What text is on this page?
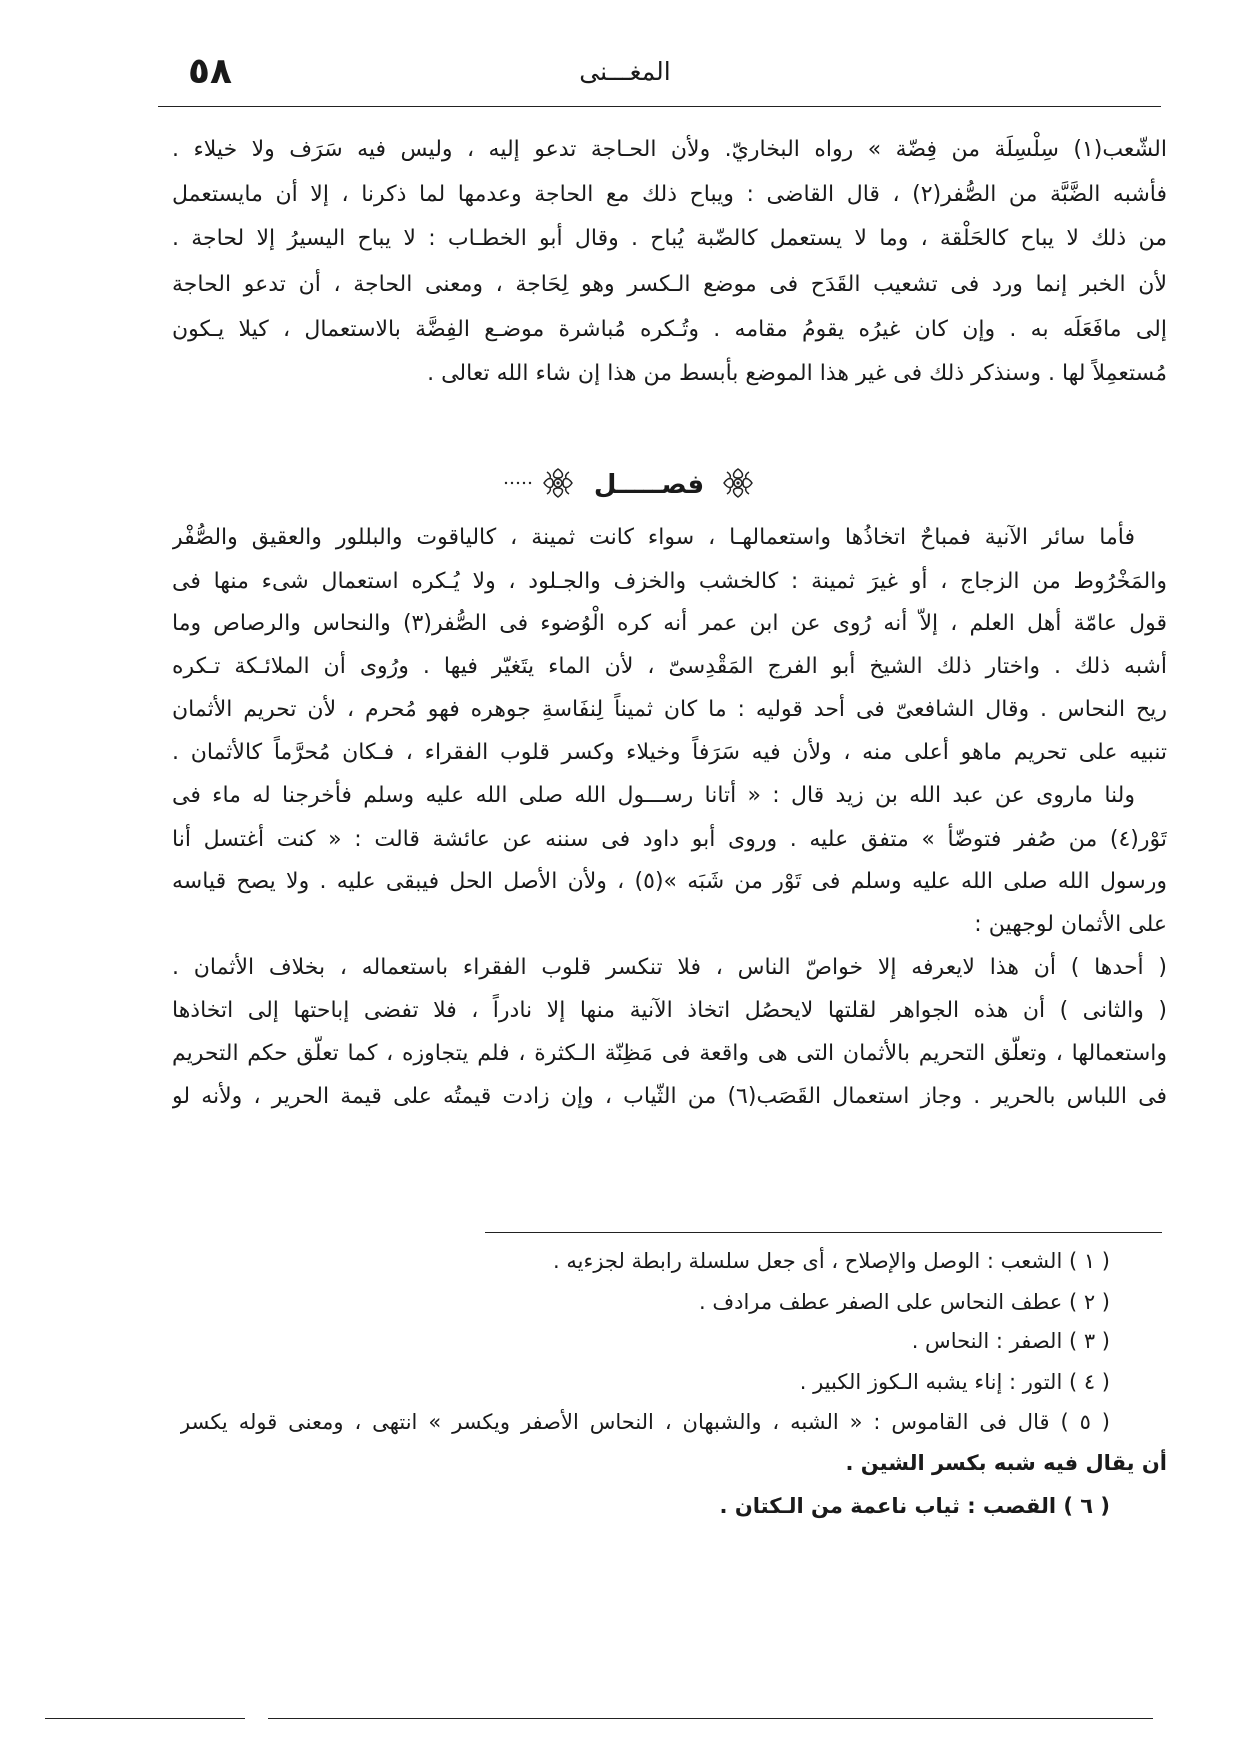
٥٨	المغـــنى
الشّعب(١) سِلْسِلَة من فِضّة » رواه البخاريّ. ولأن الحـاجة تدعو إليه ، وليس فيه سَرَف ولا خيلاء .
فأشبه الضَّبَّة من الصُّفر(٢) ، قال القاضى : ويباح ذلك مع الحاجة وعدمها لما ذكرنا ، إلا أن مايستعمل
من ذلك لا يباح كالحَلْقة ، وما لا يستعمل كالضّبة يُباح . وقال أبو الخطـاب : لا يباح اليسيرُ إلا لحاجة .
لأن الخبر إنما ورد فى تشعيب القَدَح فى موضع الـكسر وهو لِحَاجة ، ومعنى الحاجة ، أن تدعو الحاجة
إلى مافَعَلَه به . وإن كان غيرُه يقومُ مقامه . وتُـكره مُباشرة موضـع الفِضَّة بالاستعمال ، كيلا يـكون
مُستعمِلاً لها . وسنذكر ذلك فى غير هذا الموضع بأبسط من هذا إن شاء الله تعالى .
فصـــــل
فأما سائر الآنية فمباحٌ اتخاذُها واستعمالهـا ، سواء كانت ثمينة ، كالياقوت والبللور والعقيق والصُّفْر
والمَخْرُوط من الزجاج ، أو غيرَ ثمينة : كالخشب والخزف والجـلود ، ولا يُـكره استعمال شىء منها فى
قول عامّة أهل العلم ، إلاّ أنه رُوى عن ابن عمر أنه كره الْوُضوء فى الصُّفر(٣) والنحاس والرصاص وما
أشبه ذلك . واختار ذلك الشيخ أبو الفرج المَقْدِسىّ ، لأن الماء يتَغيّر فيها . ورُوى أن الملائـكة تـكره
ريح النحاس . وقال الشافعىّ فى أحد قوليه : ما كان ثميناً لِنفَاسةِ جوهره فهو مُحرم ، لأن تحريم الأثمان
تنبيه على تحريم ماهو أعلى منه ، ولأن فيه سَرَفاً وخيلاء وكسر قلوب الفقراء ، فـكان مُحرَّماً كالأثمان .
ولنا ماروى عن عبد الله بن زيد قال : « أتانا رســـول الله صلى الله عليه وسلم فأخرجنا له ماء فى
تَوْر(٤) من صُفر فتوضّأ » متفق عليه . وروى أبو داود فى سننه عن عائشة قالت : « كنت أغتسل أنا
ورسول الله صلى الله عليه وسلم فى تَوْر من شَبَه »(٥) ، ولأن الأصل الحل فيبقى عليه . ولا يصح قياسه
على الأثمان لوجهين :
( أحدها ) أن هذا لايعرفه إلا خواصّ الناس ، فلا تنكسر قلوب الفقراء باستعماله ، بخلاف الأثمان .
( والثانى ) أن هذه الجواهر لقلتها لايحصُل اتخاذ الآنية منها إلا نادراً ، فلا تفضى إباحتها إلى اتخاذها
واستعمالها ، وتعلّق التحريم بالأثمان التى هى واقعة فى مَظِنّة الـكثرة ، فلم يتجاوزه ، كما تعلّق حكم التحريم
فى اللباس بالحرير . وجاز استعمال القَصَب(٦) من الثّياب ، وإن زادت قيمتُه على قيمة الحرير ، ولأنه لو
( ١ ) الشعب : الوصل والإصلاح ، أى جعل سلسلة رابطة لجزءيه .
( ٢ ) عطف النحاس على الصفر عطف مرادف .
( ٣ ) الصفر : النحاس .
( ٤ ) التور : إناء يشبه الـكوز الكبير .
( ٥ ) قال فى القاموس : « الشبه ، والشبهان ، النحاس الأصفر ويكسر » انتهى ، ومعنى قوله يكسر
أن يقال فيه شبه بكسر الشين .
( ٦ ) القصب : ثياب ناعمة من الـكتان .
